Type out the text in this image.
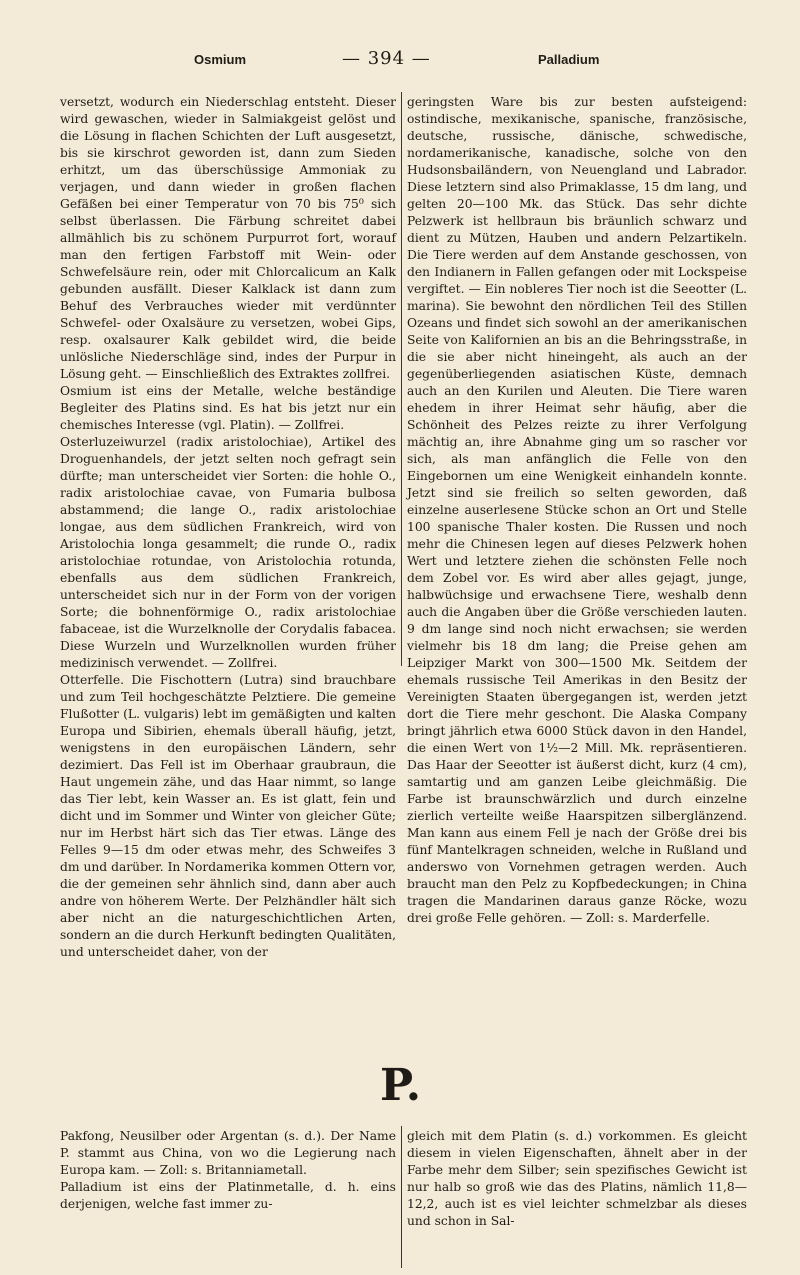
Osmium	— 394 —	Palladium

versetzt, wodurch ein Niederschlag entsteht. Dieser wird gewaschen, wieder in Salmiakgeist gelöst und die Lösung in flachen Schichten der Luft ausgesetzt, bis sie kirschrot geworden ist, dann zum Sieden erhitzt, um das überschüssige Ammoniak zu verjagen, und dann wieder in großen flachen Gefäßen bei einer Temperatur von 70 bis 75⁰ sich selbst überlassen. Die Färbung schreitet dabei allmählich bis zu schönem Purpurrot fort, worauf man den fertigen Farbstoff mit Wein- oder Schwefelsäure rein, oder mit Chlorcalicum an Kalk gebunden ausfällt. Dieser Kalklack ist dann zum Behuf des Verbrauches wieder mit verdünnter Schwefel- oder Oxalsäure zu versetzen, wobei Gips, resp. oxalsaurer Kalk gebildet wird, die beide unlösliche Niederschläge sind, indes der Purpur in Lösung geht. — Einschließlich des Extraktes zollfrei.

Osmium ist eins der Metalle, welche beständige Begleiter des Platins sind. Es hat bis jetzt nur ein chemisches Interesse (vgl. Platin). — Zollfrei.

Osterluzeiwurzel (radix aristolochiae), Artikel des Droguenhandels, der jetzt selten noch gefragt sein dürfte; man unterscheidet vier Sorten: die hohle O., radix aristolochiae cavae, von Fumaria bulbosa abstammend; die lange O., radix aristolochiae longae, aus dem südlichen Frankreich, wird von Aristolochia longa gesammelt; die runde O., radix aristolochiae rotundae, von Aristolochia rotunda, ebenfalls aus dem südlichen Frankreich, unterscheidet sich nur in der Form von der vorigen Sorte; die bohnenförmige O., radix aristolochiae fabaceae, ist die Wurzelknolle der Corydalis fabacea. Diese Wurzeln und Wurzelknollen wurden früher medizinisch verwendet. — Zollfrei.

Otterfelle. Die Fischottern (Lutra) sind brauchbare und zum Teil hochgeschätzte Pelztiere. Die gemeine Flußotter (L. vulgaris) lebt im gemäßigten und kalten Europa und Sibirien, ehemals überall häufig, jetzt, wenigstens in den europäischen Ländern, sehr dezimiert. Das Fell ist im Oberhaar graubraun, die Haut ungemein zähe, und das Haar nimmt, so lange das Tier lebt, kein Wasser an. Es ist glatt, fein und dicht und im Sommer und Winter von gleicher Güte; nur im Herbst härt sich das Tier etwas. Länge des Felles 9—15 dm oder etwas mehr, des Schweifes 3 dm und darüber. In Nordamerika kommen Ottern vor, die der gemeinen sehr ähnlich sind, dann aber auch andre von höherem Werte. Der Pelzhändler hält sich aber nicht an die naturgeschichtlichen Arten, sondern an die durch Herkunft bedingten Qualitäten, und unterscheidet daher, von der

geringsten Ware bis zur besten aufsteigend: ostindische, mexikanische, spanische, französische, deutsche, russische, dänische, schwedische, nordamerikanische, kanadische, solche von den Hudsonsbailändern, von Neuengland und Labrador. Diese letztern sind also Primaklasse, 15 dm lang, und gelten 20—100 Mk. das Stück. Das sehr dichte Pelzwerk ist hellbraun bis bräunlich schwarz und dient zu Mützen, Hauben und andern Pelzartikeln. Die Tiere werden auf dem Anstande geschossen, von den Indianern in Fallen gefangen oder mit Lockspeise vergiftet. — Ein nobleres Tier noch ist die Seeotter (L. marina). Sie bewohnt den nördlichen Teil des Stillen Ozeans und findet sich sowohl an der amerikanischen Seite von Kalifornien an bis an die Behringsstraße, in die sie aber nicht hineingeht, als auch an der gegenüberliegenden asiatischen Küste, demnach auch an den Kurilen und Aleuten. Die Tiere waren ehedem in ihrer Heimat sehr häufig, aber die Schönheit des Pelzes reizte zu ihrer Verfolgung mächtig an, ihre Abnahme ging um so rascher vor sich, als man anfänglich die Felle von den Eingebornen um eine Wenigkeit einhandeln konnte. Jetzt sind sie freilich so selten geworden, daß einzelne auserlesene Stücke schon an Ort und Stelle 100 spanische Thaler kosten. Die Russen und noch mehr die Chinesen legen auf dieses Pelzwerk hohen Wert und letztere ziehen die schönsten Felle noch dem Zobel vor. Es wird aber alles gejagt, junge, halbwüchsige und erwachsene Tiere, weshalb denn auch die Angaben über die Größe verschieden lauten. 9 dm lange sind noch nicht erwachsen; sie werden vielmehr bis 18 dm lang; die Preise gehen am Leipziger Markt von 300—1500 Mk. Seitdem der ehemals russische Teil Amerikas in den Besitz der Vereinigten Staaten übergegangen ist, werden jetzt dort die Tiere mehr geschont. Die Alaska Company bringt jährlich etwa 6000 Stück davon in den Handel, die einen Wert von 1½—2 Mill. Mk. repräsentieren. Das Haar der Seeotter ist äußerst dicht, kurz (4 cm), samtartig und am ganzen Leibe gleichmäßig. Die Farbe ist braunschwärzlich und durch einzelne zierlich verteilte weiße Haarspitzen silberglänzend. Man kann aus einem Fell je nach der Größe drei bis fünf Mantelkragen schneiden, welche in Rußland und anderswo von Vornehmen getragen werden. Auch braucht man den Pelz zu Kopfbedeckungen; in China tragen die Mandarinen daraus ganze Röcke, wozu drei große Felle gehören. — Zoll: s. Marderfelle.

P.

Pakfong, Neusilber oder Argentan (s. d.). Der Name P. stammt aus China, von wo die Legierung nach Europa kam. — Zoll: s. Britanniametall.

Palladium ist eins der Platinmetalle, d. h. eins derjenigen, welche fast immer zu-

gleich mit dem Platin (s. d.) vorkommen. Es gleicht diesem in vielen Eigenschaften, ähnelt aber in der Farbe mehr dem Silber; sein spezifisches Gewicht ist nur halb so groß wie das des Platins, nämlich 11,8—12,2, auch ist es viel leichter schmelzbar als dieses und schon in Sal-
